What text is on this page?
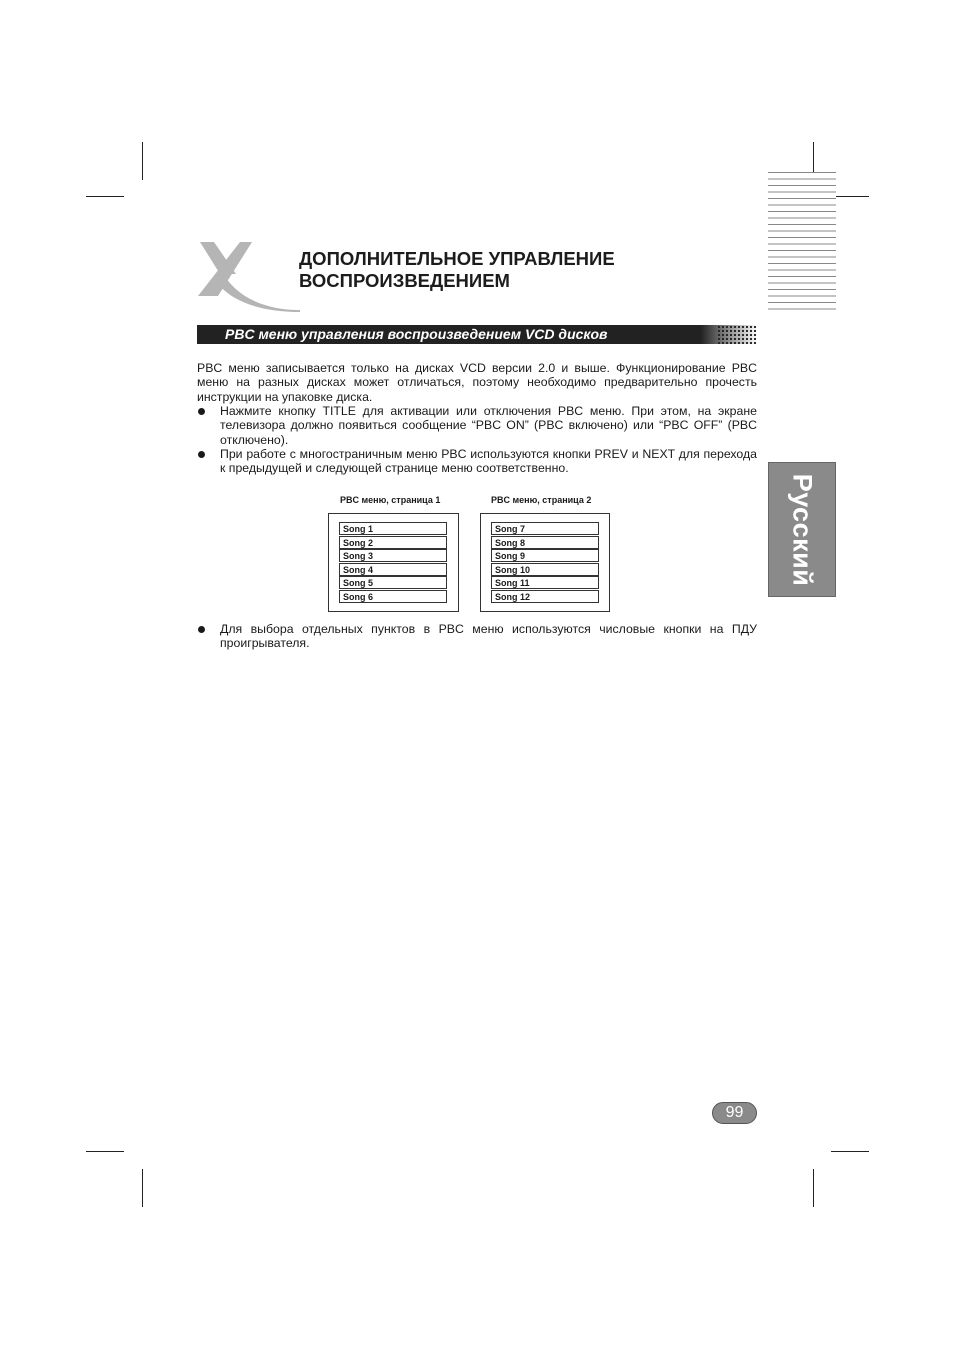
Русский
ДОПОЛНИТЕЛЬНОЕ УПРАВЛЕНИЕ
ВОСПРОИЗВЕДЕНИЕМ
PBC меню управления воспроизведением VCD дисков
PBC меню записывается только на дисках VCD версии 2.0 и выше. Функционирование PBC меню на разных дисках может отличаться, поэтому необходимо предварительно прочесть инструкции на упаковке диска.
Нажмите кнопку TITLE для активации или отключения PBC меню. При этом, на экране телевизора должно появиться сообщение “PBC ON” (PBC включено) или “PBC OFF” (PBC отключено).
При работе с многостраничным меню PBC используются кнопки PREV и NEXT для перехода к предыдущей и следующей странице меню соответственно.
PBC меню, страница 1
Song 1
Song 2
Song 3
Song 4
Song 5
Song 6
PBC меню, страница 2
Song 7
Song 8
Song 9
Song 10
Song 11
Song 12
Для выбора отдельных пунктов в PBC меню используются числовые кнопки на ПДУ проигрывателя.
99
